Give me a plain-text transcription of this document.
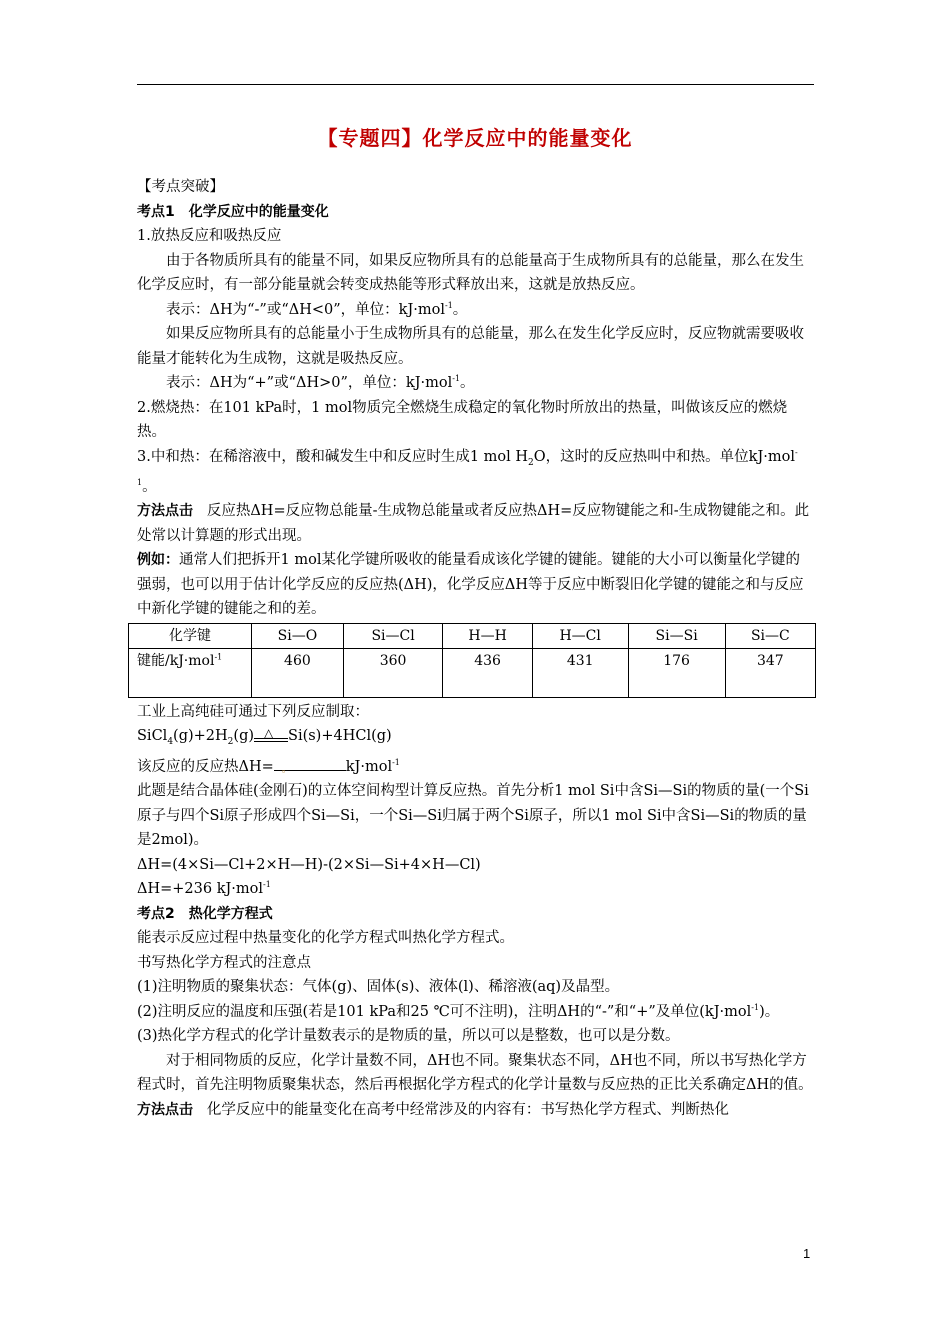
【专题四】化学反应中的能量变化

【考点突破】

考点1　化学反应中的能量变化

1.放热反应和吸热反应

由于各物质所具有的能量不同，如果反应物所具有的总能量高于生成物所具有的总能量，那么在发生化学反应时，有一部分能量就会转变成热能等形式释放出来，这就是放热反应。

表示：ΔH为“-”或“ΔH<0”，单位：kJ·mol$^{-1}$。

如果反应物所具有的总能量小于生成物所具有的总能量，那么在发生化学反应时，反应物就需要吸收能量才能转化为生成物，这就是吸热反应。

表示：ΔH为“+”或“ΔH>0”，单位：kJ·mol$^{-1}$。

2.燃烧热：在101 kPa时，1 mol物质完全燃烧生成稳定的氧化物时所放出的热量，叫做该反应的燃烧热。

3.中和热：在稀溶液中，酸和碱发生中和反应时生成1 mol $H_2O$，这时的反应热叫中和热。单位kJ·mol$^{-1}$。

方法点击 反应热ΔH=反应物总能量-生成物总能量或者反应热ΔH=反应物键能之和-生成物键能之和。此处常以计算题的形式出现。

例如：通常人们把拆开1 mol某化学键所吸收的能量看成该化学键的键能。键能的大小可以衡量化学键的强弱，也可以用于估计化学反应的反应热(ΔH)，化学反应ΔH等于反应中断裂旧化学键的键能之和与反应中新化学键的键能之和的差。

化学键	Si—O	Si—Cl	H—H	H—Cl	Si—Si	Si—C
键能/kJ·mol$^{-1}$	460	360	436	431	176	347

工业上高纯硅可通过下列反应制取：

$SiCl_4(g)+2H_2(g)$ △ Si(s)+4HCl(g)

该反应的反应热ΔH= 。	kJ·mol$^{-1}$

此题是结合晶体硅(金刚石)的立体空间构型计算反应热。首先分析1 mol Si中含Si—Si的物质的量(一个Si原子与四个Si原子形成四个Si—Si，一个Si—Si归属于两个Si原子，所以1 mol Si中含Si—Si的物质的量是2mol)。

ΔH=(4×Si—Cl+2×H—H)-(2×Si—Si+4×H—Cl)

ΔH=+236 kJ·mol$^{-1}$

考点2　热化学方程式

能表示反应过程中热量变化的化学方程式叫热化学方程式。

书写热化学方程式的注意点

(1)注明物质的聚集状态：气体(g)、固体(s)、液体(l)、稀溶液(aq)及晶型。

(2)注明反应的温度和压强(若是101 kPa和25 ℃可不注明)，注明ΔH的“-”和“+”及单位(kJ·mol$^{-1}$)。

(3)热化学方程式的化学计量数表示的是物质的量，所以可以是整数，也可以是分数。

对于相同物质的反应，化学计量数不同，ΔH也不同。聚集状态不同，ΔH也不同，所以书写热化学方程式时，首先注明物质聚集状态，然后再根据化学方程式的化学计量数与反应热的正比关系确定ΔH的值。

方法点击 化学反应中的能量变化在高考中经常涉及的内容有：书写热化学方程式、判断热化

1
